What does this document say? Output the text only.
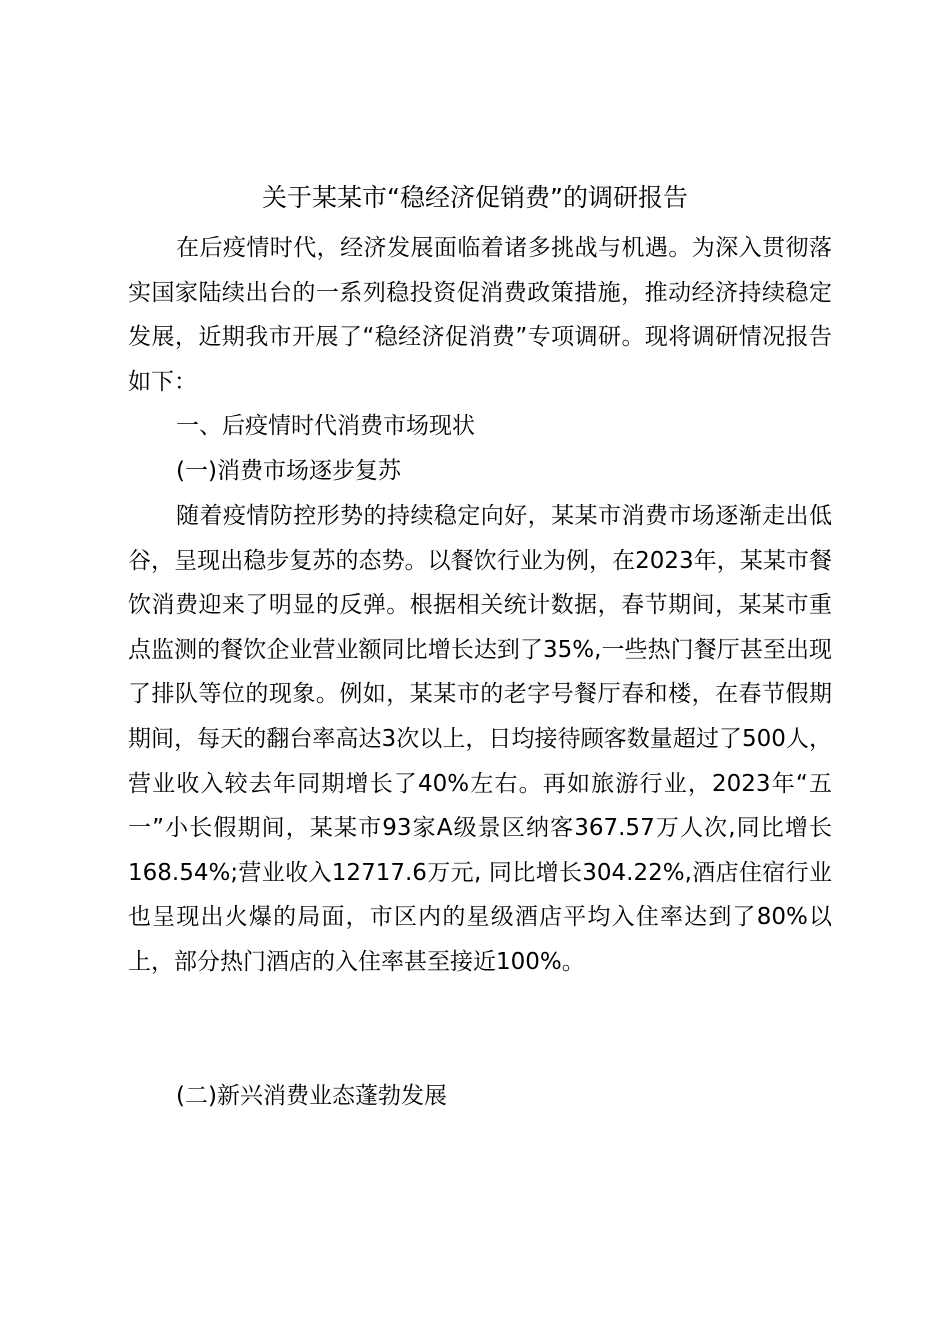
关于某某市“稳经济促销费”的调研报告

在后疫情时代，经济发展面临着诸多挑战与机遇。为深入贯彻落实国家陆续出台的一系列稳投资促消费政策措施，推动经济持续稳定发展，近期我市开展了“稳经济促消费”专项调研。现将调研情况报告如下：

一、后疫情时代消费市场现状

(一)消费市场逐步复苏

随着疫情防控形势的持续稳定向好，某某市消费市场逐渐走出低谷，呈现出稳步复苏的态势。以餐饮行业为例，在2023年，某某市餐饮消费迎来了明显的反弹。根据相关统计数据，春节期间，某某市重点监测的餐饮企业营业额同比增长达到了35%,一些热门餐厅甚至出现了排队等位的现象。例如，某某市的老字号餐厅春和楼，在春节假期期间，每天的翻台率高达3次以上，日均接待顾客数量超过了500人，营业收入较去年同期增长了40%左右。再如旅游行业，2023年“五一”小长假期间，某某市93家A级景区纳客367.57万人次,同比增长168.54%;营业收入12717.6万元, 同比增长304.22%,酒店住宿行业也呈现出火爆的局面，市区内的星级酒店平均入住率达到了80%以上，部分热门酒店的入住率甚至接近100%。

(二)新兴消费业态蓬勃发展
